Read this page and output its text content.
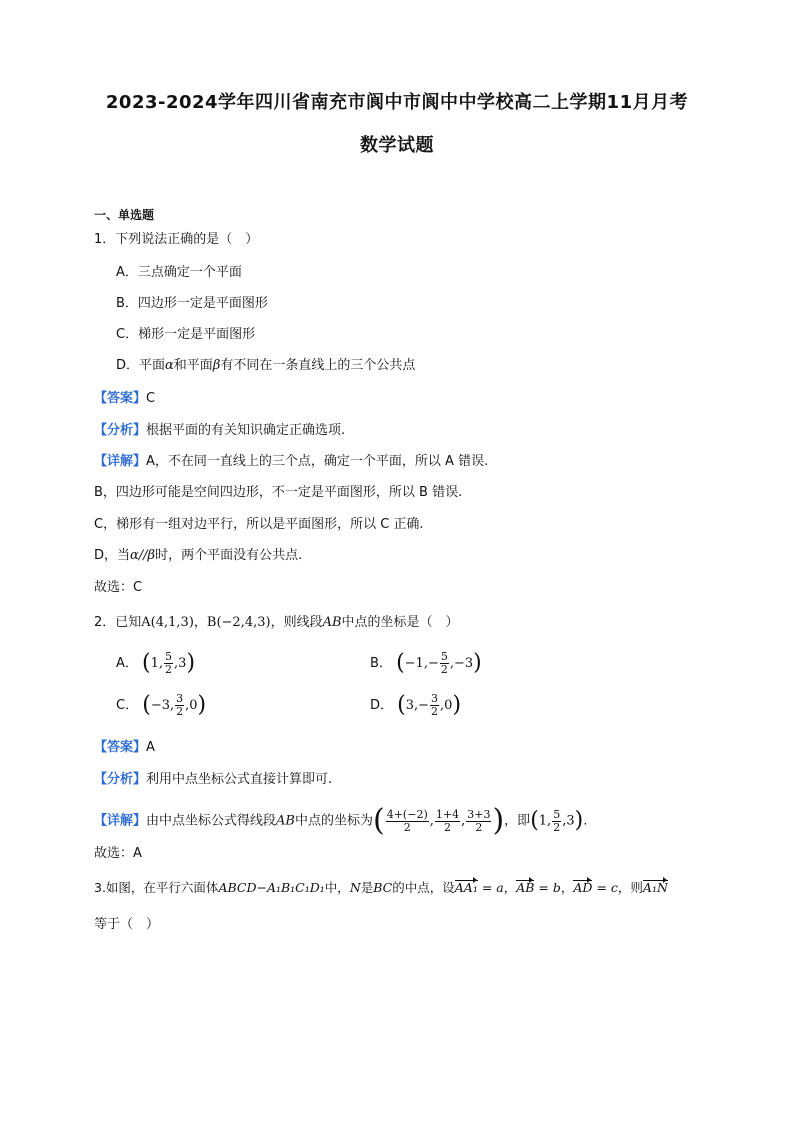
2023-2024学年四川省南充市阆中市阆中中学校高二上学期11月月考
数学试题
一、单选题
1．下列说法正确的是（　）
A．三点确定一个平面
B．四边形一定是平面图形
C．梯形一定是平面图形
D．平面α和平面β有不同在一条直线上的三个公共点
【答案】C
【分析】根据平面的有关知识确定正确选项.
【详解】A，不在同一直线上的三个点，确定一个平面，所以 A 错误.
B，四边形可能是空间四边形，不一定是平面图形，所以 B 错误.
C，梯形有一组对边平行，所以是平面图形，所以 C 正确.
D，当α//β时，两个平面没有公共点.
故选：C
2．已知A(4,1,3)，B(−2,4,3)，则线段AB中点的坐标是（　）
A． (1, $\frac{5}{2} ,3$)	B． $(-1,- \frac{5}{2} ,-3)$
C． (−3, $\frac{3}{2} ,0$)	D． $(3,- \frac{3}{2} ,0)$
【答案】A
【分析】利用中点坐标公式直接计算即可.
【详解】由中点坐标公式得线段AB中点的坐标为( $\frac{4+(-2)}{2}$ , $\frac{1+4}{2}$ , $\frac{3+3}{2}$ )，即(1, $\frac{5}{2} ,3$).
故选：A
3.如图，在平行六面体ABCD−A₁B₁C₁D₁中，N是BC的中点，设AA₁ = a，AB = b，AD = c，则A₁N
等于（　）
